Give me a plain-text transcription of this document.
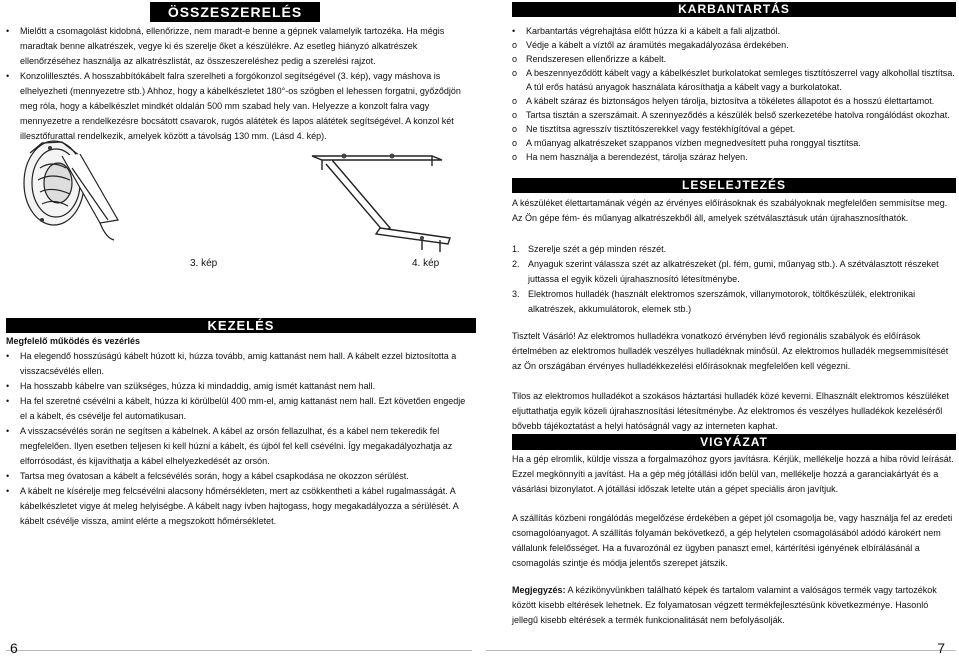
ÖSSZESZERELÉS
•	Mielőtt a csomagolást kidobná, ellenőrizze, nem maradt-e benne a gépnek valamelyik tartozéka. Ha mégis maradtak benne alkatrészek, vegye ki és szerelje őket a készülékre. Az esetleg hiányzó alkatrészek ellenőrzéséhez használja az alkatrészlistát, az összeszereléshez pedig a szerelési rajzot.
•	Konzolillesztés. A hosszabbítókábelt falra szerelheti a forgókonzol segítségével (3. kép), vagy máshova is elhelyezheti (mennyezetre stb.) Ahhoz, hogy a kábelkészletet 180°-os szögben el lehessen forgatni, győződjön meg róla, hogy a kábelkészlet mindkét oldalán 500 mm szabad hely van. Helyezze a konzolt falra vagy mennyezetre a rendelkezésre bocsátott csavarok, rugós alátétek és lapos alátétek segítségével. A konzol két illesztőfurattal rendelkezik, amelyek között a távolság 130 mm. (Lásd 4. kép).
3. kép	4. kép
KEZELÉS
Megfelelő működés és vezérlés
•
Ha elegendő hosszúságú kábelt húzott ki, húzza tovább, amig kattanást nem hall. A kábelt ezzel biztosította a visszacsévélés ellen.
•
Ha hosszabb kábelre van szükséges, húzza ki mindaddig, amig ismét kattanást nem hall.
•
Ha fel szeretné csévélni a kábelt, húzza ki körülbelül 400 mm-el, amig kattanást nem hall. Ezt követően engedje el a kábelt, és csévélje fel automatikusan.
•
A visszacsévélés során ne segítsen a kábelnek. A kábel az orsón fellazulhat, és a kábel nem tekeredik fel megfelelően. Ilyen esetben teljesen ki kell húzni a kábelt, és újból fel kell csévélni. Így megakadályozhatja az elforrósodást, és kijavíthatja a kábel elhelyezkedését az orsón.
•
Tartsa meg óvatosan a kábelt a felcsévélés során, hogy a kábel csapkodása ne okozzon sérülést.
•
A kábelt ne kísérelje meg felcsévélni alacsony hőmérsékleten, mert az csökkentheti a kábel rugalmasságát. A kábelkészletet vigye át meleg helyiségbe. A kábelt nagy ívben hajtogass, hogy megakadályozza a sérülését. A kábelt csévélje vissza, amint elérte a megszokott hőmérsékletet.
6
KARBANTARTÁS
•	Karbantartás végrehajtása előtt húzza ki a kábelt a fali aljzatból.
o Védje a kábelt a víztől az áramütés megakadályozása érdekében.
o Rendszeresen ellenőrizze a kábelt.
o A beszennyeződött kábelt vagy a kábelkészlet burkolatokat semleges tisztítószerrel vagy alkohollal tisztítsa. A túl erős hatású anyagok használata károsíthatja a kábelt vagy a burkolatokat.
o A kábelt száraz és biztonságos helyen tárolja, biztosítva a tökéletes állapotot és a hosszú élettartamot.
o Tartsa tisztán a szerszámait. A szennyeződés a készülék belső szerkezetébe hatolva rongálódást okozhat.
o Ne tisztítsa agresszív tisztítószerekkel vagy festékhígítóval a gépet.
o A műanyag alkatrészeket szappanos vízben megnedvesített puha ronggyal tisztítsa.
o Ha nem használja a berendezést, tárolja száraz helyen.
LESELEJTEZÉS

A készüléket élettartamának végén az érvényes előírásoknak és szabályoknak megfelelően semmisítse meg. Az Ön gépe fém- és műanyag alkatrészekből áll, amelyek szétválasztásuk után újrahasznosíthatók.

1. Szerelje szét a gép minden részét.
2. Anyaguk szerint válassza szét az alkatrészeket (pl. fém, gumi, műanyag stb.). A szétválasztott részeket juttassa el egyik közeli újrahasznosító létesítménybe.
3. Elektromos hulladék (használt elektromos szerszámok, villanymotorok, töltőkészülék, elektronikai alkatrészek, akkumulátorok, elemek stb.)

Tisztelt Vásárló! Az elektromos hulladékra vonatkozó érvényben lévő regionális szabályok és előírások értelmében az elektromos hulladék veszélyes hulladéknak minősül. Az elektromos hulladék megsemmisítését az Ön országában érvényes hulladékkezelési előírásoknak megfelelően kell végezni.

Tilos az elektromos hulladékot a szokásos háztartási hulladék közé keverni. Elhasznált elektromos készüléket eljuttathatja egyik közeli újrahasznosítási létesítménybe. Az elektromos és veszélyes hulladékok kezeléséről bővebb tájékoztatást a helyi hatóságnál vagy az interneten kaphat.

VIGYÁZAT

Ha a gép elromlik, küldje vissza a forgalmazóhoz gyors javításra. Kérjük, mellékelje hozzá a hiba rövid leírását. Ezzel megkönnyíti a javítást. Ha a gép még jótállási időn belül van, mellékelje hozzá a garanciakártyát és a vásárlási bizonylatot. A jótállási időszak letelte után a gépet speciális áron javítjuk.

A szállítás közbeni rongálódás megelőzése érdekében a gépet jól csomagolja be, vagy használja fel az eredeti csomagolóanyagot. A szállítás folyamán bekövetkező, a gép helytelen csomagolásából adódó károkért nem vállalunk felelősséget. Ha a fuvarozónál ez ügyben panaszt emel, kártérítési igényének elbírálásánál a csomagolás szintje és módja jelentős szerepet játszik.

Megjegyzés: A kézikönyvünkben található képek és tartalom valamint a valóságos termék vagy tartozékok között kisebb eltérések lehetnek. Ez folyamatosan végzett termékfejlesztésünk következménye. Hasonló jellegű kisebb eltérések a termék funkcionalitását nem befolyásolják.

7
